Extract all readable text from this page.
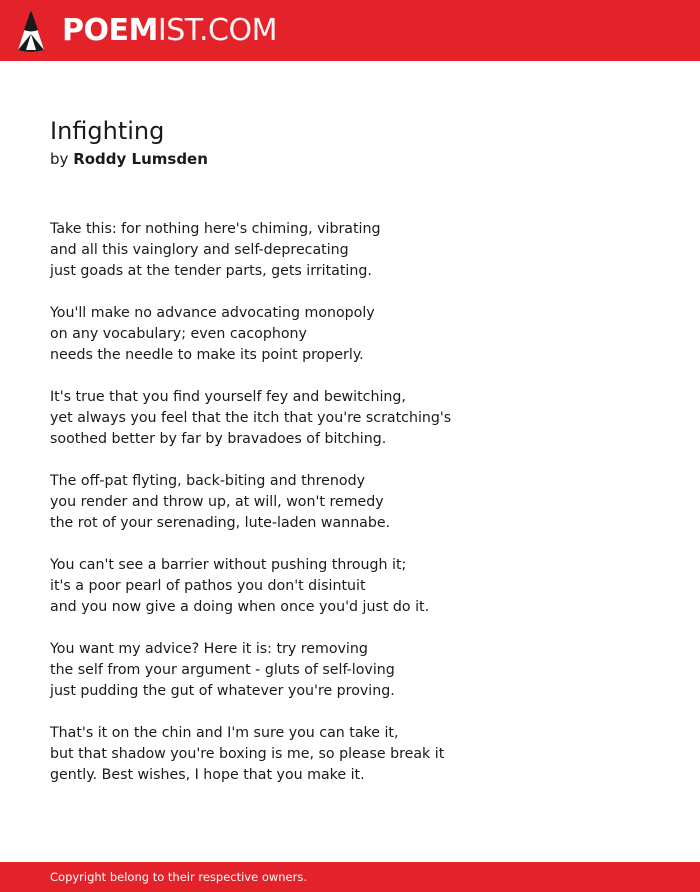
POEMIST.COM
Infighting
by Roddy Lumsden
Take this: for nothing here's chiming, vibrating
and all this vainglory and self-deprecating
just goads at the tender parts, gets irritating.
You'll make no advance advocating monopoly
on any vocabulary; even cacophony
needs the needle to make its point properly.
It's true that you find yourself fey and bewitching,
yet always you feel that the itch that you're scratching's
soothed better by far by bravadoes of bitching.
The off-pat flyting, back-biting and threnody
you render and throw up, at will, won't remedy
the rot of your serenading, lute-laden wannabe.
You can't see a barrier without pushing through it;
it's a poor pearl of pathos you don't disintuit
and you now give a doing when once you'd just do it.
You want my advice? Here it is: try removing
the self from your argument - gluts of self-loving
just pudding the gut of whatever you're proving.
That's it on the chin and I'm sure you can take it,
but that shadow you're boxing is me, so please break it
gently. Best wishes, I hope that you make it.
Copyright belong to their respective owners.
